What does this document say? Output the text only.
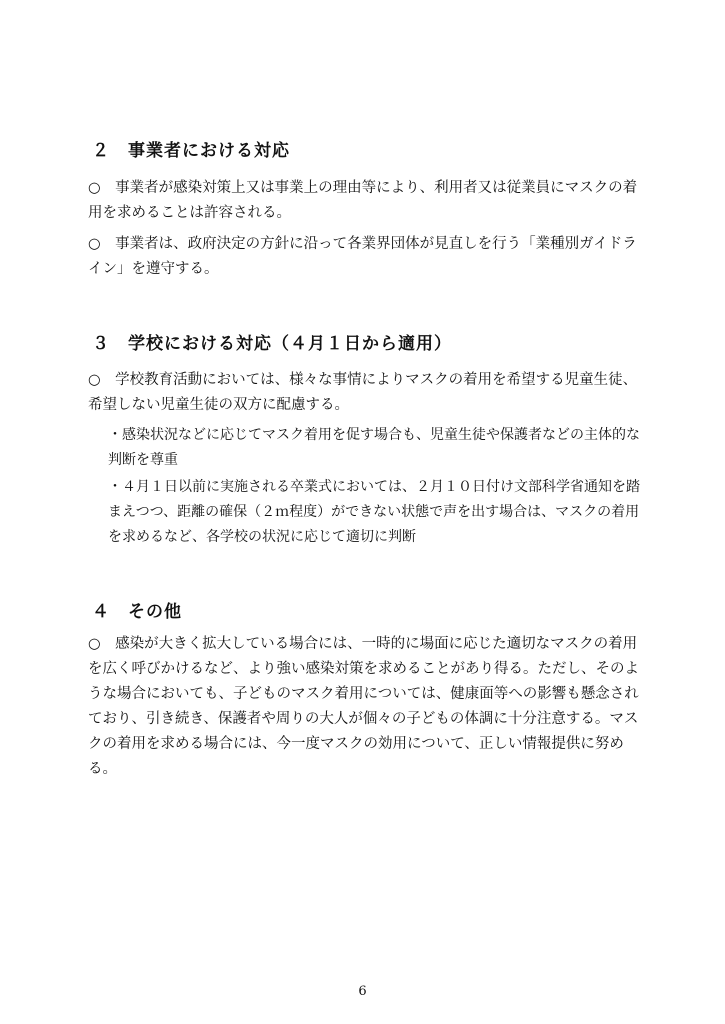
２　事業者における対応
○　事業者が感染対策上又は事業上の理由等により、利用者又は従業員にマスクの着用を求めることは許容される。
○　事業者は、政府決定の方針に沿って各業界団体が見直しを行う「業種別ガイドライン」を遵守する。
３　学校における対応（４月１日から適用）
○　学校教育活動においては、様々な事情によりマスクの着用を希望する児童生徒、希望しない児童生徒の双方に配慮する。
・感染状況などに応じてマスク着用を促す場合も、児童生徒や保護者などの主体的な判断を尊重
・４月１日以前に実施される卒業式においては、２月１０日付け文部科学省通知を踏まえつつ、距離の確保（２ｍ程度）ができない状態で声を出す場合は、マスクの着用を求めるなど、各学校の状況に応じて適切に判断
４　その他
○　感染が大きく拡大している場合には、一時的に場面に応じた適切なマスクの着用を広く呼びかけるなど、より強い感染対策を求めることがあり得る。ただし、そのような場合においても、子どものマスク着用については、健康面等への影響も懸念されており、引き続き、保護者や周りの大人が個々の子どもの体調に十分注意する。マスクの着用を求める場合には、今一度マスクの効用について、正しい情報提供に努める。
6
